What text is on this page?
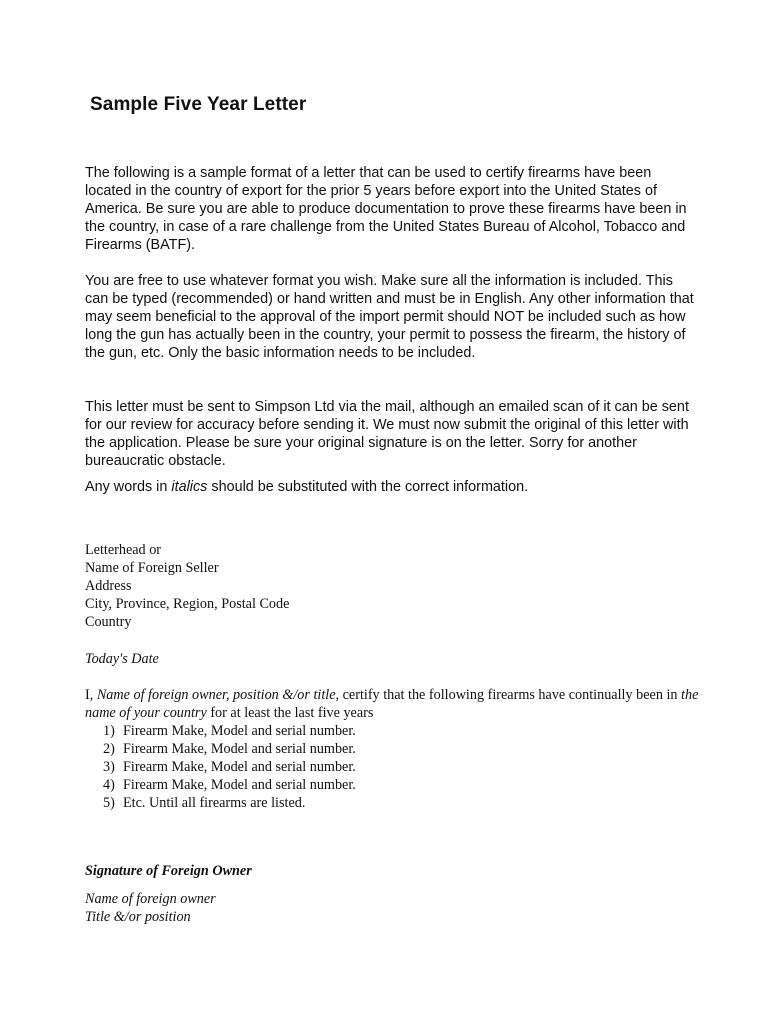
Sample Five Year Letter

The following is a sample format of a letter that can be used to certify firearms have been located in the country of export for the prior 5 years before export into the United States of America. Be sure you are able to produce documentation to prove these firearms have been in the country, in case of a rare challenge from the United States Bureau of Alcohol, Tobacco and Firearms (BATF).

You are free to use whatever format you wish. Make sure all the information is included. This can be typed (recommended) or hand written and must be in English. Any other information that may seem beneficial to the approval of the import permit should NOT be included such as how long the gun has actually been in the country, your permit to possess the firearm, the history of the gun, etc. Only the basic information needs to be included.

This letter must be sent to Simpson Ltd via the mail, although an emailed scan of it can be sent for our review for accuracy before sending it. We must now submit the original of this letter with the application. Please be sure your original signature is on the letter. Sorry for another bureaucratic obstacle.

Any words in italics should be substituted with the correct information.

Letterhead or
Name of Foreign Seller
Address
City, Province, Region, Postal Code
Country

Today's Date

I, Name of foreign owner, position &/or title, certify that the following firearms have continually been in the name of your country for at least the last five years

1) Firearm Make, Model and serial number.
2) Firearm Make, Model and serial number.
3) Firearm Make, Model and serial number.
4) Firearm Make, Model and serial number.
5) Etc. Until all firearms are listed.

Signature of Foreign Owner

Name of foreign owner
Title &/or position
